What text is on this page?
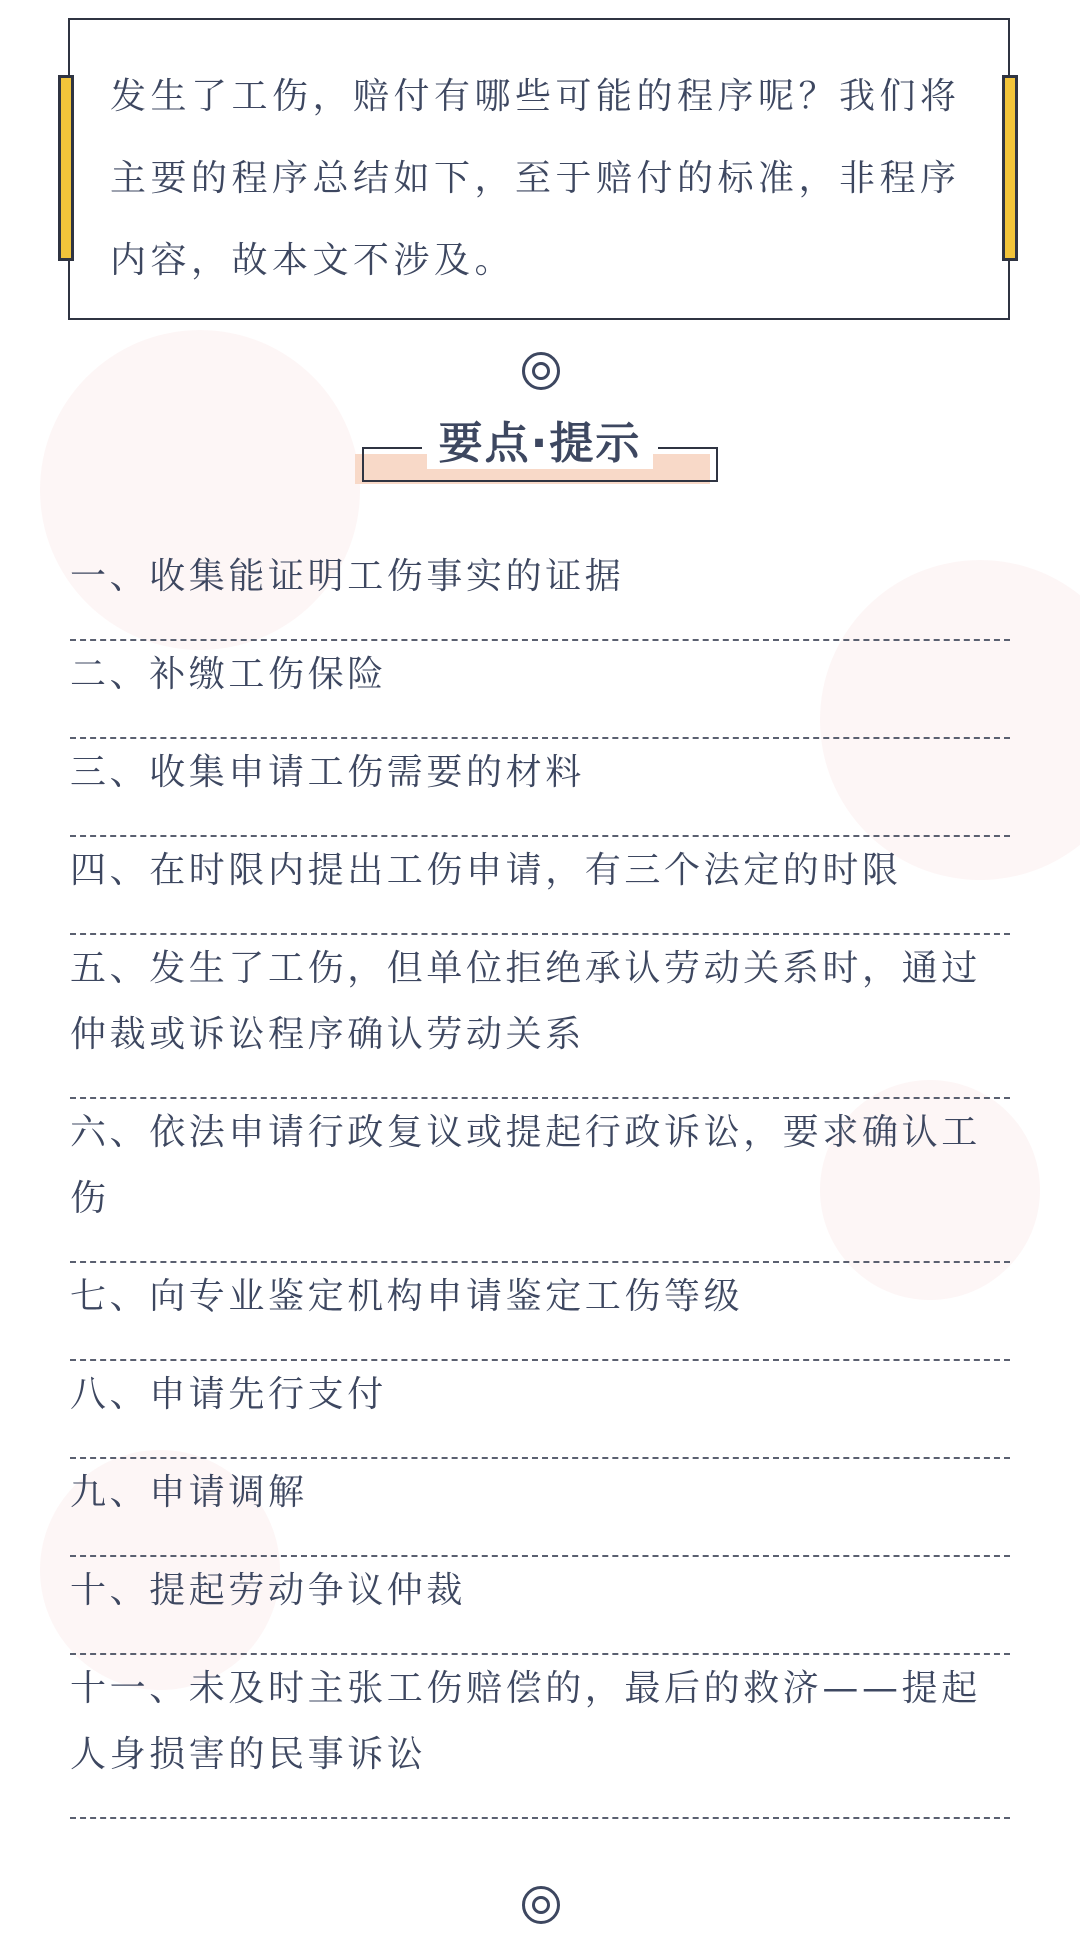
发生了工伤，赔付有哪些可能的程序呢？我们将主要的程序总结如下，至于赔付的标准，非程序内容，故本文不涉及。
要点·提示
一、收集能证明工伤事实的证据
二、补缴工伤保险
三、收集申请工伤需要的材料
四、在时限内提出工伤申请，有三个法定的时限
五、发生了工伤，但单位拒绝承认劳动关系时，通过仲裁或诉讼程序确认劳动关系
六、依法申请行政复议或提起行政诉讼，要求确认工伤
七、向专业鉴定机构申请鉴定工伤等级
八、申请先行支付
九、申请调解
十、提起劳动争议仲裁
十一、未及时主张工伤赔偿的，最后的救济——提起人身损害的民事诉讼
